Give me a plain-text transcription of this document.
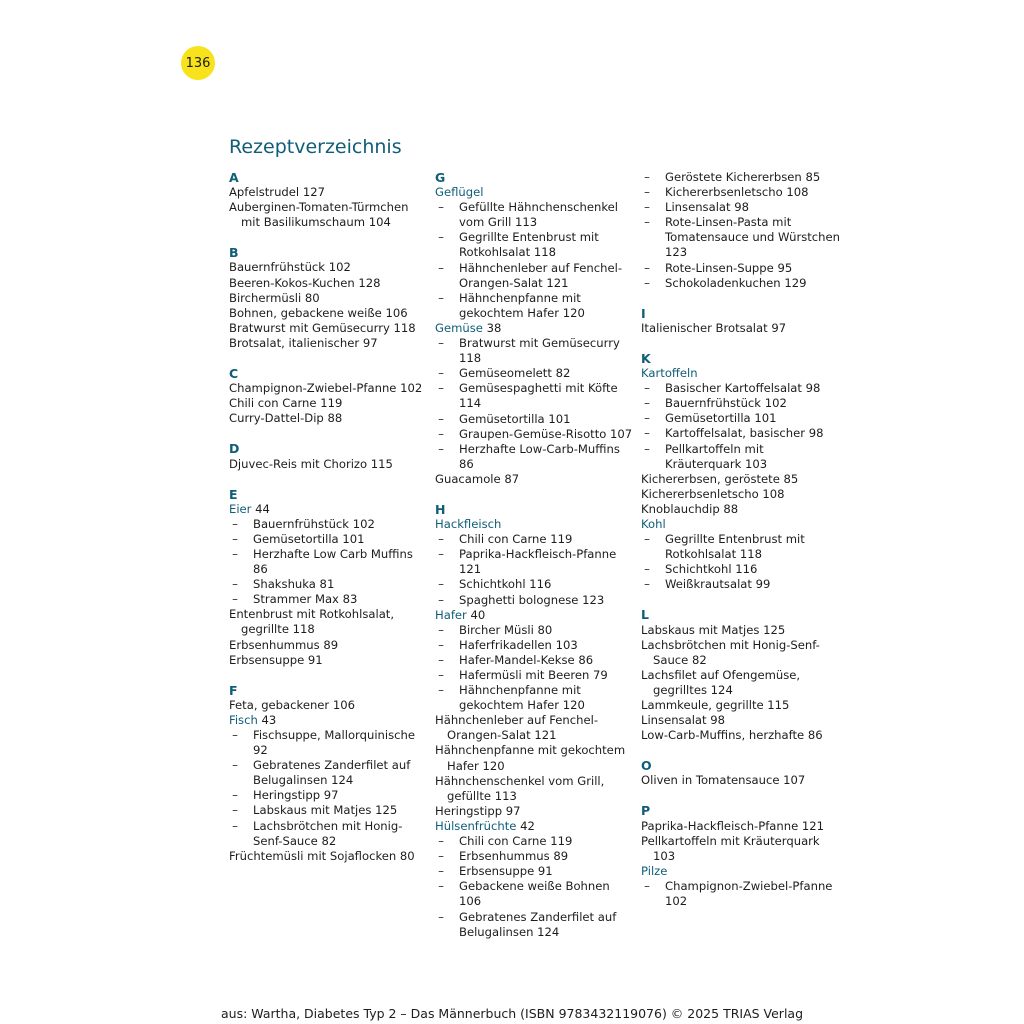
136
Rezeptverzeichnis
A
Apfelstrudel 127
Auberginen-Tomaten-Türmchen mit Basilikumschaum 104
B
Bauernfrühstück 102
Beeren-Kokos-Kuchen 128
Birchermüsli 80
Bohnen, gebackene weiße 106
Bratwurst mit Gemüsecurry 118
Brotsalat, italienischer 97
C
Champignon-Zwiebel-Pfanne 102
Chili con Carne 119
Curry-Dattel-Dip 88
D
Djuvec-Reis mit Chorizo 115
E
Eier 44
– Bauernfrühstück 102
– Gemüsetortilla 101
– Herzhafte Low Carb Muffins 86
– Shakshuka 81
– Strammer Max 83
Entenbrust mit Rotkohlsalat, gegrillte 118
Erbsenhummus 89
Erbsensuppe 91
F
Feta, gebackener 106
Fisch 43
– Fischsuppe, Mallorquinische 92
– Gebratenes Zanderfilet auf Belugalinsen 124
– Heringstipp 97
– Labskaus mit Matjes 125
– Lachsbrötchen mit Honig-Senf-Sauce 82
Früchtemüsli mit Sojaflocken 80
G
Geflügel
– Gefüllte Hähnchenschenkel vom Grill 113
– Gegrillte Entenbrust mit Rotkohlsalat 118
– Hähnchenleber auf Fenchel-Orangen-Salat 121
– Hähnchenpfanne mit gekochtem Hafer 120
Gemüse 38
– Bratwurst mit Gemüsecurry 118
– Gemüseomelett 82
– Gemüsespaghetti mit Köfte 114
– Gemüsetortilla 101
– Graupen-Gemüse-Risotto 107
– Herzhafte Low-Carb-Muffins 86
Guacamole 87
H
Hackfleisch
– Chili con Carne 119
– Paprika-Hackfleisch-Pfanne 121
– Schichtkohl 116
– Spaghetti bolognese 123
Hafer 40
– Bircher Müsli 80
– Haferfrikadellen 103
– Hafer-Mandel-Kekse 86
– Hafermüsli mit Beeren 79
– Hähnchenpfanne mit gekochtem Hafer 120
Hähnchenleber auf Fenchel-Orangen-Salat 121
Hähnchenpfanne mit gekochtem Hafer 120
Hähnchenschenkel vom Grill, gefüllte 113
Heringstipp 97
Hülsenfrüchte 42
– Chili con Carne 119
– Erbsenhummus 89
– Erbsensuppe 91
– Gebackene weiße Bohnen 106
– Gebratenes Zanderfilet auf Belugalinsen 124
– Geröstete Kichererbsen 85
– Kichererbsenletscho 108
– Linsensalat 98
– Rote-Linsen-Pasta mit Tomatensauce und Würstchen 123
– Rote-Linsen-Suppe 95
– Schokoladenkuchen 129
I
Italienischer Brotsalat 97
K
Kartoffeln
– Basischer Kartoffelsalat 98
– Bauernfrühstück 102
– Gemüsetortilla 101
– Kartoffelsalat, basischer 98
– Pellkartoffeln mit Kräuterquark 103
Kichererbsen, geröstete 85
Kichererbsenletscho 108
Knoblauchdip 88
Kohl
– Gegrillte Entenbrust mit Rotkohlsalat 118
– Schichtkohl 116
– Weißkrautsalat 99
L
Labskaus mit Matjes 125
Lachsbrötchen mit Honig-Senf-Sauce 82
Lachsfilet auf Ofengemüse, gegrilltes 124
Lammkeule, gegrillte 115
Linsensalat 98
Low-Carb-Muffins, herzhafte 86
O
Oliven in Tomatensauce 107
P
Paprika-Hackfleisch-Pfanne 121
Pellkartoffeln mit Kräuterquark 103
Pilze
– Champignon-Zwiebel-Pfanne 102
aus: Wartha, Diabetes Typ 2 – Das Männerbuch (ISBN 9783432119076) © 2025 TRIAS Verlag
